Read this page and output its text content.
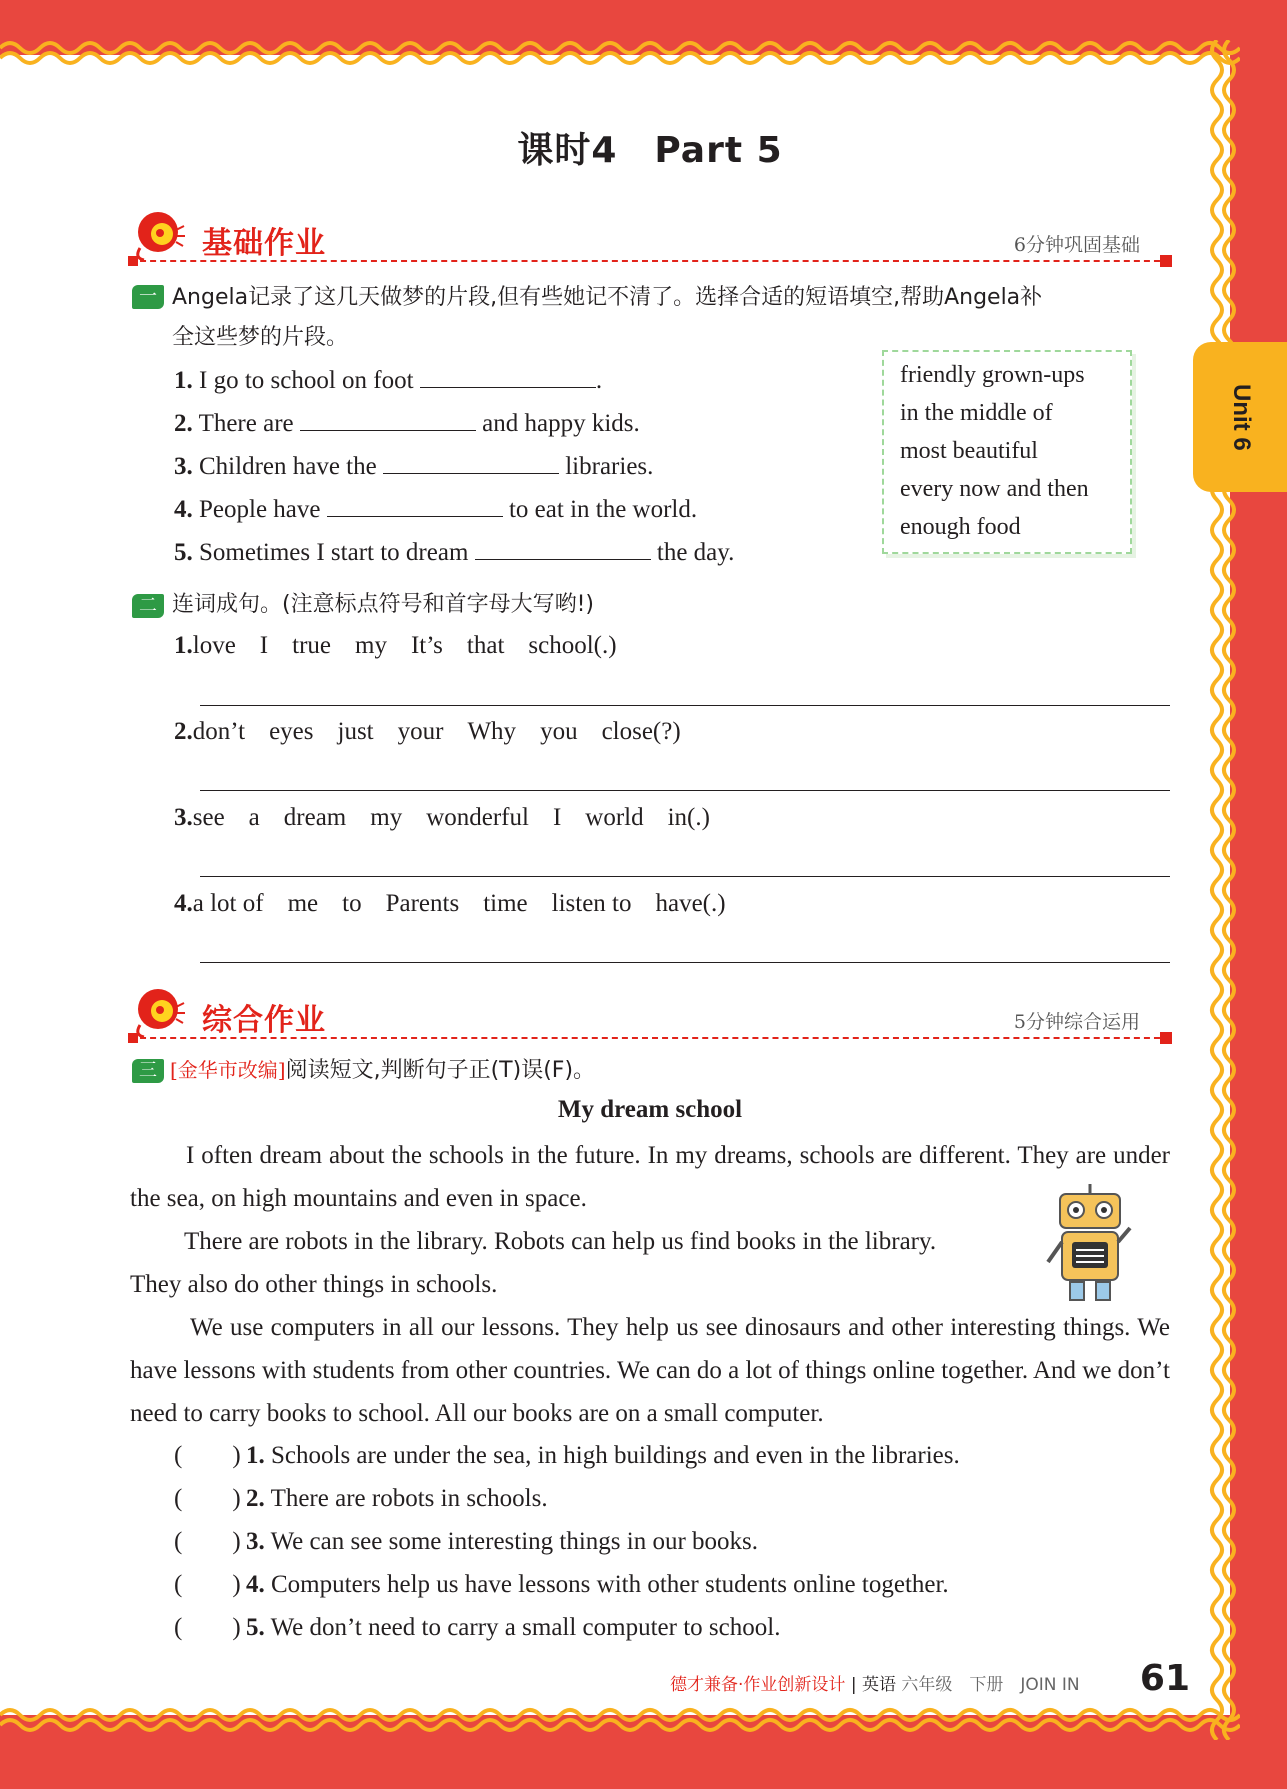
Unit 6
课时4　Part 5
基础作业	6分钟巩固基础
一 Angela记录了这几天做梦的片段,但有些她记不清了。选择合适的短语填空,帮助Angela补
全这些梦的片段。
1. I go to school on foot	.
2. There are	and happy kids.
3. Children have the	libraries.
4. People have	to eat in the world.
5. Sometimes I start to dream	the day.
friendly grown-ups
in the middle of
most beautiful
every now and then
enough food
二 连词成句。(注意标点符号和首字母大写哟!)
1.love I true my It’s that school(.)
2.don’t eyes just your Why you close(?)
3.see a dream my wonderful I world in(.)
4.a lot of me to Parents time listen to have(.)
综合作业	5分钟综合运用
三 [金华市改编]阅读短文,判断句子正(T)误(F)。
My dream school
I often dream about the schools in the future. In my dreams, schools are different. They are under the sea, on high mountains and even in space.
There are robots in the library. Robots can help us find books in the library.
They also do other things in schools.
We use computers in all our lessons. They help us see dinosaurs and other interesting things. We have lessons with students from other countries. We can do a lot of things online together. And we don’t need to carry books to school. All our books are on a small computer.
(        ) 1. Schools are under the sea, in high buildings and even in the libraries.
(        ) 2. There are robots in schools.
(        ) 3. We can see some interesting things in our books.
(        ) 4. Computers help us have lessons with other students online together.
(        ) 5. We don’t need to carry a small computer to school.
德才兼备·作业创新设计 | 英语 六年级　下册　JOIN IN 61
